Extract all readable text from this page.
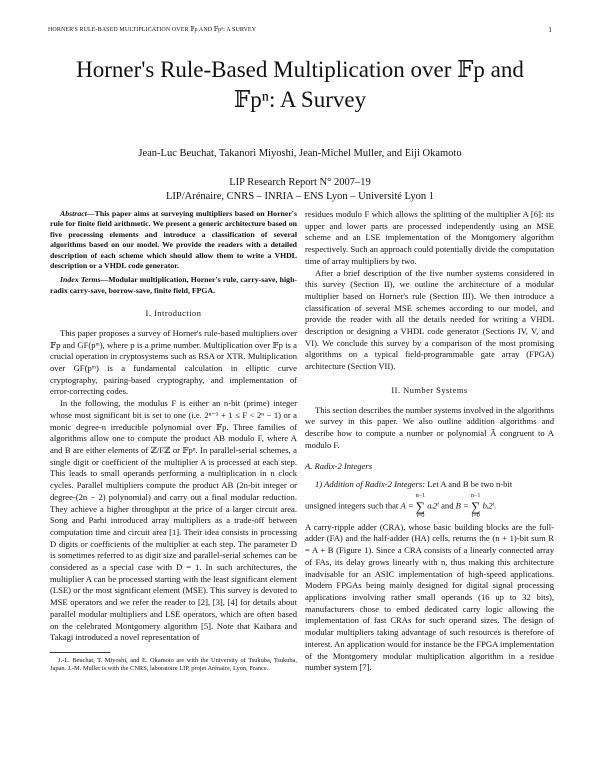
HORNER'S RULE-BASED MULTIPLICATION OVER 𝔽p AND 𝔽pⁿ: A SURVEY	1
Horner's Rule-Based Multiplication over 𝔽p and
𝔽pⁿ: A Survey
Jean-Luc Beuchat, Takanori Miyoshi, Jean-Michel Muller, and Eiji Okamoto
LIP Research Report N° 2007–19
LIP/Arénaire, CNRS – INRIA – ENS Lyon – Université Lyon 1

Abstract—This paper aims at surveying multipliers based on Horner's rule for finite field arithmetic. We present a generic architecture based on five processing elements and introduce a classification of several algorithms based on our model. We provide the readers with a detailed description of each scheme which should allow them to write a VHDL description or a VHDL code generator.

Index Terms—Modular multiplication, Horner's rule, carry-save, high-radix carry-save, borrow-save, finite field, FPGA.

I. Introduction

This paper proposes a survey of Horner's rule-based multipliers over 𝔽p and GF(pᵐ), where p is a prime number. Multiplication over 𝔽p is a crucial operation in cryptosystems such as RSA or XTR. Multiplication over GF(pᵐ) is a fundamental calculation in elliptic curve cryptography, pairing-based cryptography, and implementation of error-correcting codes.

In the following, the modulus F is either an n-bit (prime) integer whose most significant bit is set to one (i.e. 2ⁿ⁻¹ + 1 ≤ F < 2ⁿ − 1) or a monic degree-n irreducible polynomial over 𝔽p. Three families of algorithms allow one to compute the product AB modulo F, where A and B are either elements of ℤ/Fℤ or 𝔽pⁿ. In parallel-serial schemes, a single digit or coefficient of the multiplier A is processed at each step. This leads to small operands performing a multiplication in n clock cycles. Parallel multipliers compute the product AB (2n-bit integer or degree-(2n − 2) polynomial) and carry out a final modular reduction. They achieve a higher throughput at the price of a larger circuit area. Song and Parhi introduced array multipliers as a trade-off between computation time and circuit area [1]. Their idea consists in processing D digits or coefficients of the multiplier at each step. The parameter D is sometimes referred to as digit size and parallel-serial schemes can be considered as a special case with D = 1. In such architectures, the multiplier A can be processed starting with the least significant element (LSE) or the most significant element (MSE). This survey is devoted to MSE operators and we refer the reader to [2], [3], [4] for details about parallel modular multipliers and LSE operators, which are often based on the celebrated Montgomery algorithm [5]. Note that Kaihara and Takagi introduced a novel representation of

J.-L. Beuchat, T. Miyoshi, and E. Okamoto are with the University of Tsukuba, Tsukuba, Japan. J.-M. Muller is with the CNRS, laboratoire LIP, projet Arénaire, Lyon, France.

residues modulo F which allows the splitting of the multiplier A [6]: its upper and lower parts are processed independently using an MSE scheme and an LSE implementation of the Montgomery algorithm respectively. Such an approach could potentially divide the computation time of array multipliers by two.

After a brief description of the five number systems considered in this survey (Section II), we outline the architecture of a modular multiplier based on Horner's rule (Section III). We then introduce a classification of several MSE schemes according to our model, and provide the reader with all the details needed for writing a VHDL description or designing a VHDL code generator (Sections IV, V, and VI). We conclude this survey by a comparison of the most promising algorithms on a typical field-programmable gate array (FPGA) architecture (Section VII).

II. Number Systems

This section describes the number systems involved in the algorithms we survey in this paper. We also outline addition algorithms and describe how to compute a number or polynomial Ã congruent to A modulo F.

A. Radix-2 Integers

1) Addition of Radix-2 Integers: Let A and B be two n-bit

unsigned integers such that A =
n−1
∑
i=0
aᵢ2ⁱ and B =
n−1
∑
i=0
bᵢ2ⁱ.

A carry-ripple adder (CRA), whose basic building blocks are the full-adder (FA) and the half-adder (HA) cells, returns the (n + 1)-bit sum R = A + B (Figure 1). Since a CRA consists of a linearly connected array of FAs, its delay grows linearly with n, thus making this architecture inadvisable for an ASIC implementation of high-speed applications. Modern FPGAs being mainly designed for digital signal processing applications involving rather small operands (16 up to 32 bits), manufacturers chose to embed dedicated carry logic allowing the implementation of fast CRAs for such operand sizes. The design of modular multipliers taking advantage of such resources is therefore of interest. An application would for instance be the FPGA implementation of the Montgomery modular multiplication algorithm in a residue number system [7].
